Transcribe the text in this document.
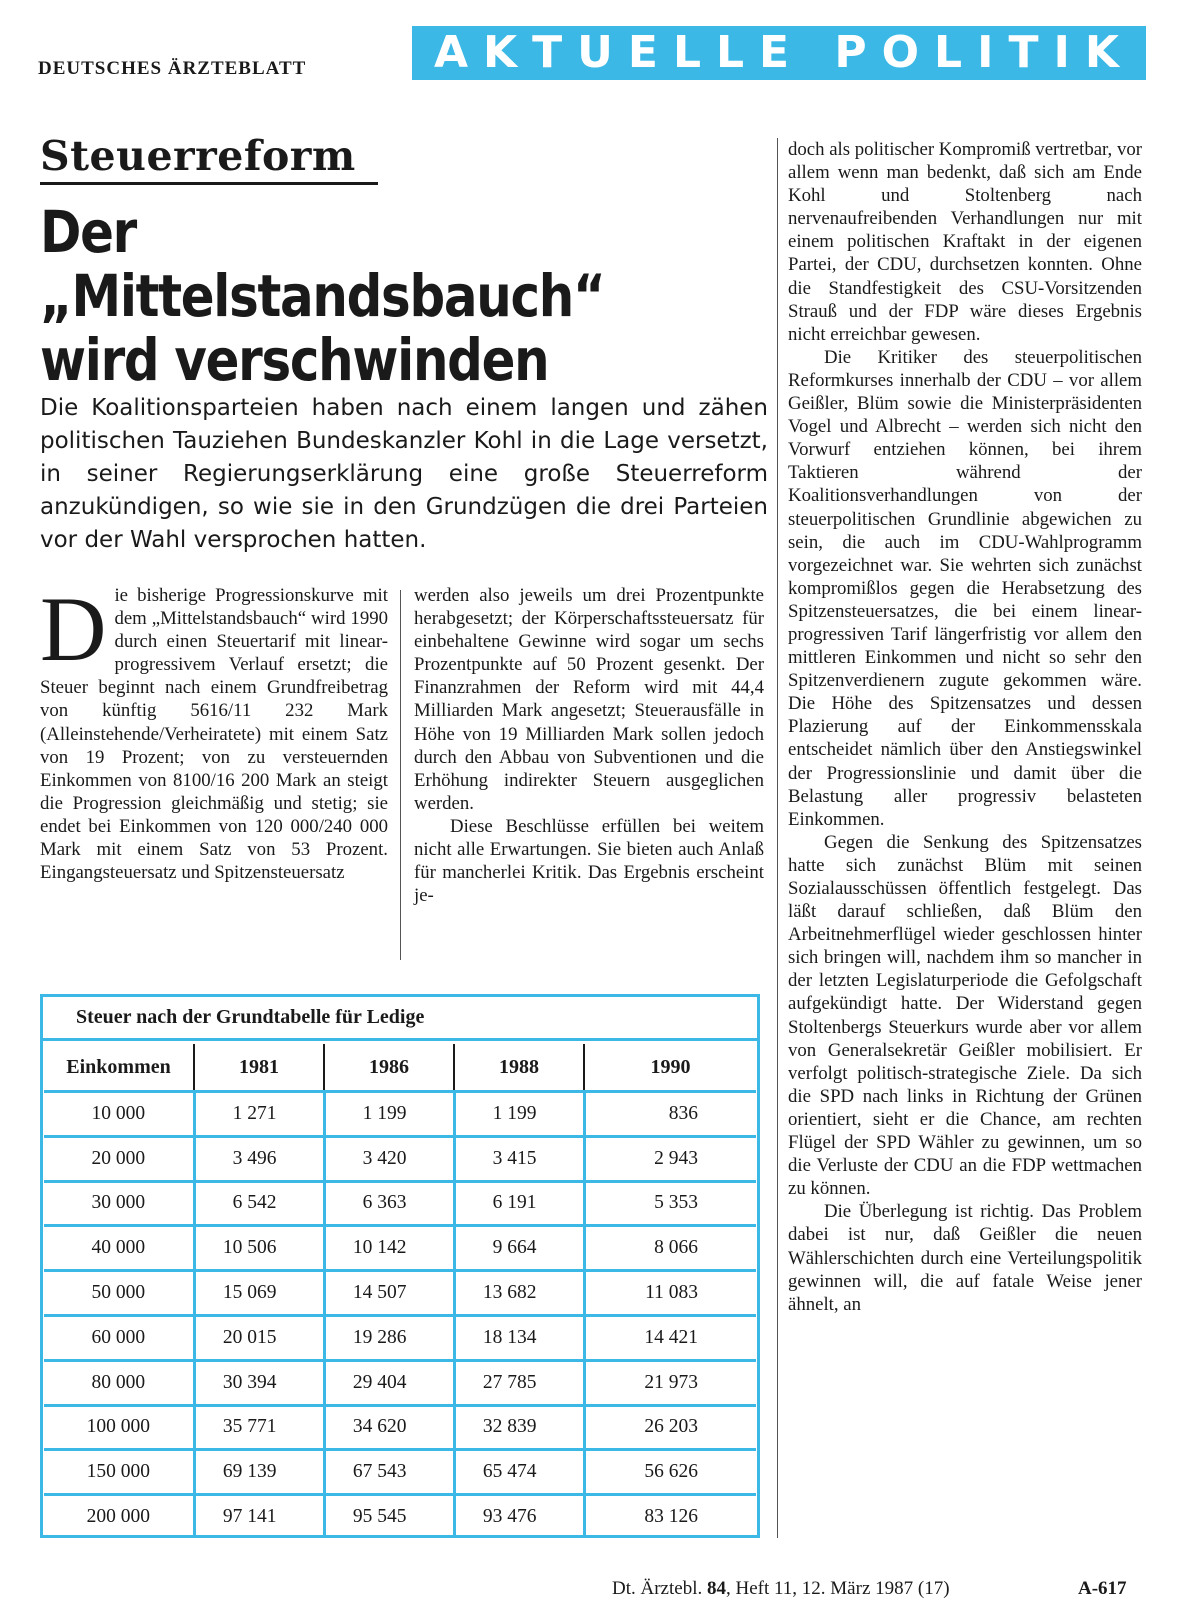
DEUTSCHES ÄRZTEBLATT	AKTUELLE POLITIK
Steuerreform
Der „Mittelstandsbauch“
wird verschwinden
Die Koalitionsparteien haben nach einem langen und zähen politischen Tauziehen Bundeskanzler Kohl in die Lage versetzt, in seiner Regierungserklärung eine große Steuerreform anzukündigen, so wie sie in den Grundzügen die drei Parteien vor der Wahl versprochen hatten.

Die bisherige Progressionskurve mit dem „Mittelstandsbauch“ wird 1990 durch einen Steuertarif mit linear-progressivem Verlauf ersetzt; die Steuer beginnt nach einem Grundfreibetrag von künftig 5616/11 232 Mark (Alleinstehende/Verheiratete) mit einem Satz von 19 Prozent; von zu versteuernden Einkommen von 8100/16 200 Mark an steigt die Progression gleichmäßig und stetig; sie endet bei Einkommen von 120 000/240 000 Mark mit einem Satz von 53 Prozent. Eingangsteuersatz und Spitzensteuersatz

werden also jeweils um drei Prozentpunkte herabgesetzt; der Körperschaftssteuersatz für einbehaltene Gewinne wird sogar um sechs Prozentpunkte auf 50 Prozent gesenkt. Der Finanzrahmen der Reform wird mit 44,4 Milliarden Mark angesetzt; Steuerausfälle in Höhe von 19 Milliarden Mark sollen jedoch durch den Abbau von Subventionen und die Erhöhung indirekter Steuern ausgeglichen werden.

Diese Beschlüsse erfüllen bei weitem nicht alle Erwartungen. Sie bieten auch Anlaß für mancherlei Kritik. Das Ergebnis erscheint je-

doch als politischer Kompromiß vertretbar, vor allem wenn man bedenkt, daß sich am Ende Kohl und Stoltenberg nach nervenaufreibenden Verhandlungen nur mit einem politischen Kraftakt in der eigenen Partei, der CDU, durchsetzen konnten. Ohne die Standfestigkeit des CSU-Vorsitzenden Strauß und der FDP wäre dieses Ergebnis nicht erreichbar gewesen.

Die Kritiker des steuerpolitischen Reformkurses innerhalb der CDU – vor allem Geißler, Blüm sowie die Ministerpräsidenten Vogel und Albrecht – werden sich nicht den Vorwurf entziehen können, bei ihrem Taktieren während der Koalitionsverhandlungen von der steuerpolitischen Grundlinie abgewichen zu sein, die auch im CDU-Wahlprogramm vorgezeichnet war. Sie wehrten sich zunächst kompromißlos gegen die Herabsetzung des Spitzensteuersatzes, die bei einem linear-progressiven Tarif längerfristig vor allem den mittleren Einkommen und nicht so sehr den Spitzenverdienern zugute gekommen wäre. Die Höhe des Spitzensatzes und dessen Plazierung auf der Einkommensskala entscheidet nämlich über den Anstiegswinkel der Progressionslinie und damit über die Belastung aller progressiv belasteten Einkommen.

Gegen die Senkung des Spitzensatzes hatte sich zunächst Blüm mit seinen Sozialausschüssen öffentlich festgelegt. Das läßt darauf schließen, daß Blüm den Arbeitnehmerflügel wieder geschlossen hinter sich bringen will, nachdem ihm so mancher in der letzten Legislaturperiode die Gefolgschaft aufgekündigt hatte. Der Widerstand gegen Stoltenbergs Steuerkurs wurde aber vor allem von Generalsekretär Geißler mobilisiert. Er verfolgt politisch-strategische Ziele. Da sich die SPD nach links in Richtung der Grünen orientiert, sieht er die Chance, am rechten Flügel der SPD Wähler zu gewinnen, um so die Verluste der CDU an die FDP wettmachen zu können.

Die Überlegung ist richtig. Das Problem dabei ist nur, daß Geißler die neuen Wählerschichten durch eine Verteilungspolitik gewinnen will, die auf fatale Weise jener ähnelt, an

Steuer nach der Grundtabelle für Ledige
Einkommen	1981	1986	1988	1990
10 000	1 271	1 199	1 199	836
20 000	3 496	3 420	3 415	2 943
30 000	6 542	6 363	6 191	5 353
40 000	10 506	10 142	9 664	8 066
50 000	15 069	14 507	13 682	11 083
60 000	20 015	19 286	18 134	14 421
80 000	30 394	29 404	27 785	21 973
100 000	35 771	34 620	32 839	26 203
150 000	69 139	67 543	65 474	56 626
200 000	97 141	95 545	93 476	83 126
Dt. Ärztebl. 84, Heft 11, 12. März 1987 (17)	A-617
